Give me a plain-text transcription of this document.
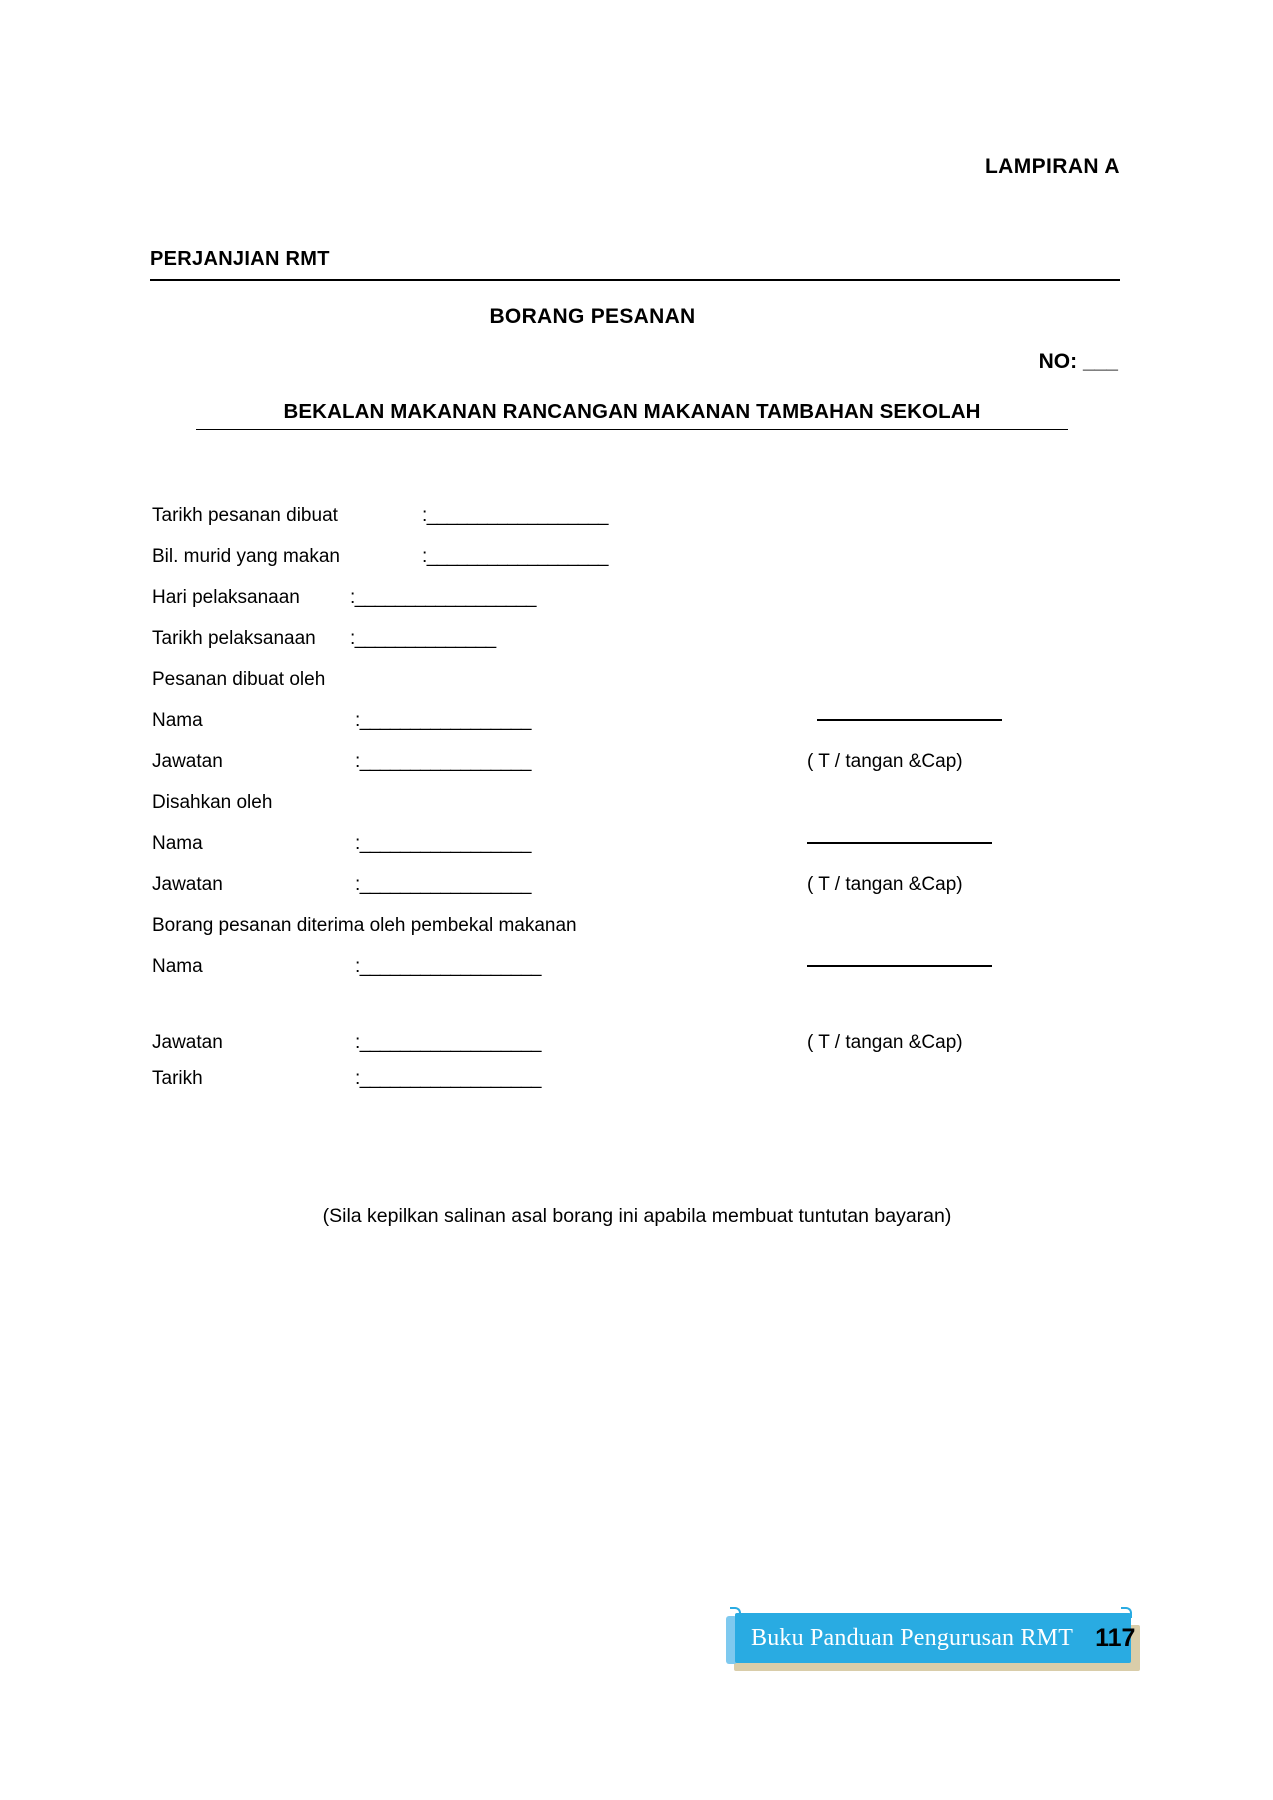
LAMPIRAN A
PERJANJIAN RMT
BORANG PESANAN
NO: ___
BEKALAN MAKANAN RANCANGAN MAKANAN TAMBAHAN SEKOLAH
Tarikh pesanan dibuat	:__________________
Bil. murid yang makan	:__________________
Hari pelaksanaan	:__________________
Tarikh pelaksanaan :______________
Pesanan dibuat oleh
Nama	:_________________
Jawatan	:_________________	( T / tangan &Cap)
Disahkan oleh
Nama	:_________________
Jawatan	:_________________	( T / tangan &Cap)
Borang pesanan diterima oleh pembekal makanan
Nama	:__________________
Jawatan	:__________________	( T / tangan &Cap)
Tarikh	:__________________
(Sila kepilkan salinan asal borang ini apabila membuat tuntutan bayaran)
Buku Panduan Pengurusan RMT 117
